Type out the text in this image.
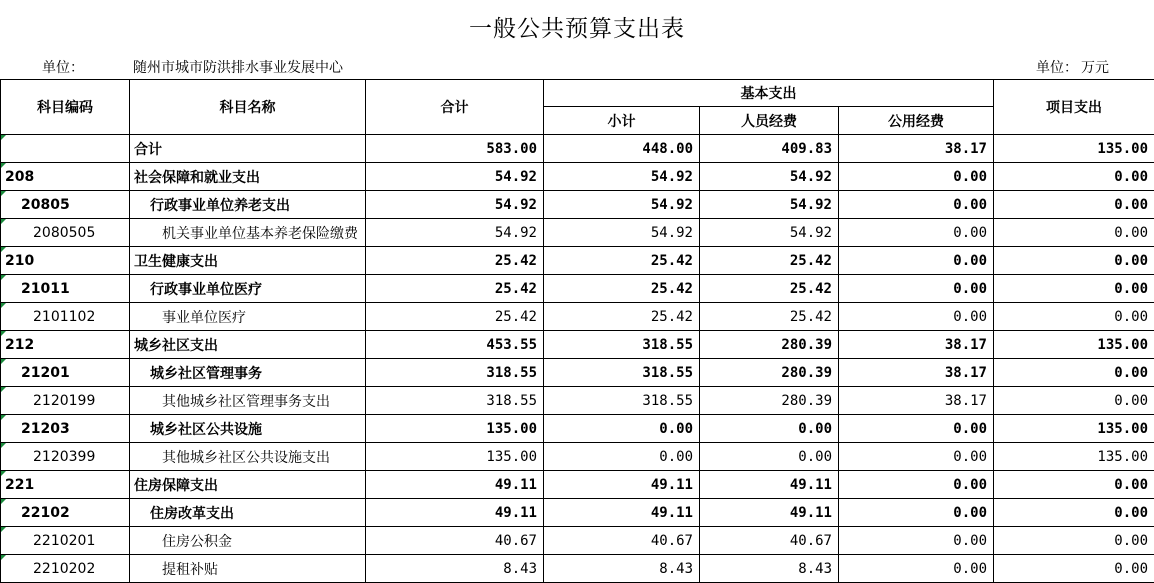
一般公共预算支出表
单位：	随州市城市防洪排水事业发展中心	单位： 万元
科目编码	科目名称	合计	基本支出			项目支出
			小计	人员经费	公用经费	

	合计	583.00	448.00	409.83	38.17	135.00
208	社会保障和就业支出	54.92	54.92	54.92	0.00	0.00
20805	行政事业单位养老支出	54.92	54.92	54.92	0.00	0.00
2080505	机关事业单位基本养老保险缴费	54.92	54.92	54.92	0.00	0.00
210	卫生健康支出	25.42	25.42	25.42	0.00	0.00
21011	行政事业单位医疗	25.42	25.42	25.42	0.00	0.00
2101102	事业单位医疗	25.42	25.42	25.42	0.00	0.00
212	城乡社区支出	453.55	318.55	280.39	38.17	135.00
21201	城乡社区管理事务	318.55	318.55	280.39	38.17	0.00
2120199	其他城乡社区管理事务支出	318.55	318.55	280.39	38.17	0.00
21203	城乡社区公共设施	135.00	0.00	0.00	0.00	135.00
2120399	其他城乡社区公共设施支出	135.00	0.00	0.00	0.00	135.00
221	住房保障支出	49.11	49.11	49.11	0.00	0.00
22102	住房改革支出	49.11	49.11	49.11	0.00	0.00
2210201	住房公积金	40.67	40.67	40.67	0.00	0.00
2210202	提租补贴	8.43	8.43	8.43	0.00	0.00
